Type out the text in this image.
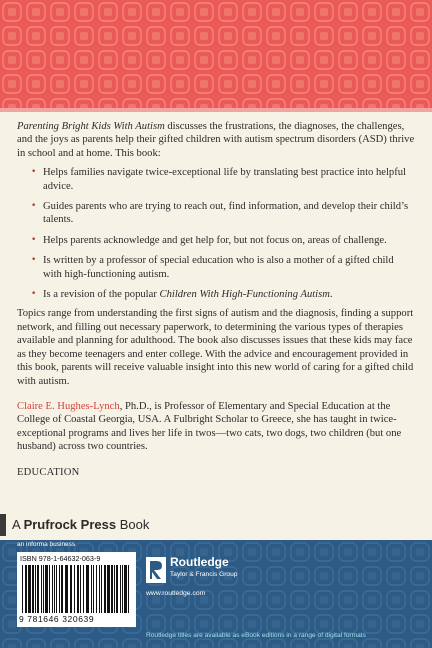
Parenting Bright Kids With Autism discusses the frustrations, the diagnoses, the challenges, and the joys as parents help their gifted children with autism spectrum disorders (ASD) thrive in school and at home. This book:

· Helps families navigate twice-exceptional life by translating best practice into helpful advice.
· Guides parents who are trying to reach out, find information, and develop their child’s talents.
· Helps parents acknowledge and get help for, but not focus on, areas of challenge.
· Is written by a professor of special education who is also a mother of a gifted child with high-functioning autism.
· Is a revision of the popular Children With High-Functioning Autism.

Topics range from understanding the first signs of autism and the diagnosis, finding a support network, and filling out necessary paperwork, to determining the various types of therapies available and planning for adulthood. The book also discusses issues that these kids may face as they become teenagers and enter college. With the advice and encouragement provided in this book, parents will receive valuable insight into this new world of caring for a gifted child with autism.

Claire E. Hughes-Lynch, Ph.D., is Professor of Elementary and Special Education at the College of Coastal Georgia, USA. A Fulbright Scholar to Greece, she has taught in twice-exceptional programs and lives her life in twos—two cats, two dogs, two children (but one husband) across two countries.

EDUCATION

A Prufrock Press Book
an informa business
ISBN 978-1-64632-063-9
9 781646 320639
Routledge
Taylor & Francis Group
www.routledge.com
Routledge titles are available as eBook editions in a range of digital formats
